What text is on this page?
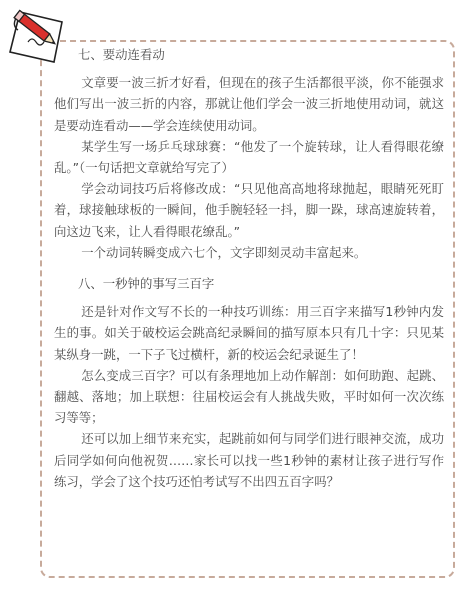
七、要动连看动

文章要一波三折才好看，但现在的孩子生活都很平淡，你不能强求他们写出一波三折的内容，那就让他们学会一波三折地使用动词，就这是要动连看动——学会连续使用动词。

某学生写一场乒乓球球赛：“他发了一个旋转球，让人看得眼花缭乱。”（一句话把文章就给写完了）

学会动词技巧后将修改成：“只见他高高地将球抛起，眼睛死死盯着，球接触球板的一瞬间，他手腕轻轻一抖，脚一跺，球高速旋转着，向这边飞来，让人看得眼花缭乱。”

一个动词转瞬变成六七个，文字即刻灵动丰富起来。

八、一秒钟的事写三百字

还是针对作文写不长的一种技巧训练：用三百字来描写1秒钟内发生的事。如关于破校运会跳高纪录瞬间的描写原本只有几十字：只见某某纵身一跳，一下子飞过横杆，新的校运会纪录诞生了！

怎么变成三百字？可以有条理地加上动作解剖：如何助跑、起跳、翻越、落地；加上联想：往届校运会有人挑战失败，平时如何一次次练习等等；

还可以加上细节来充实，起跳前如何与同学们进行眼神交流，成功后同学如何向他祝贺……家长可以找一些1秒钟的素材让孩子进行写作练习，学会了这个技巧还怕考试写不出四五百字吗？
